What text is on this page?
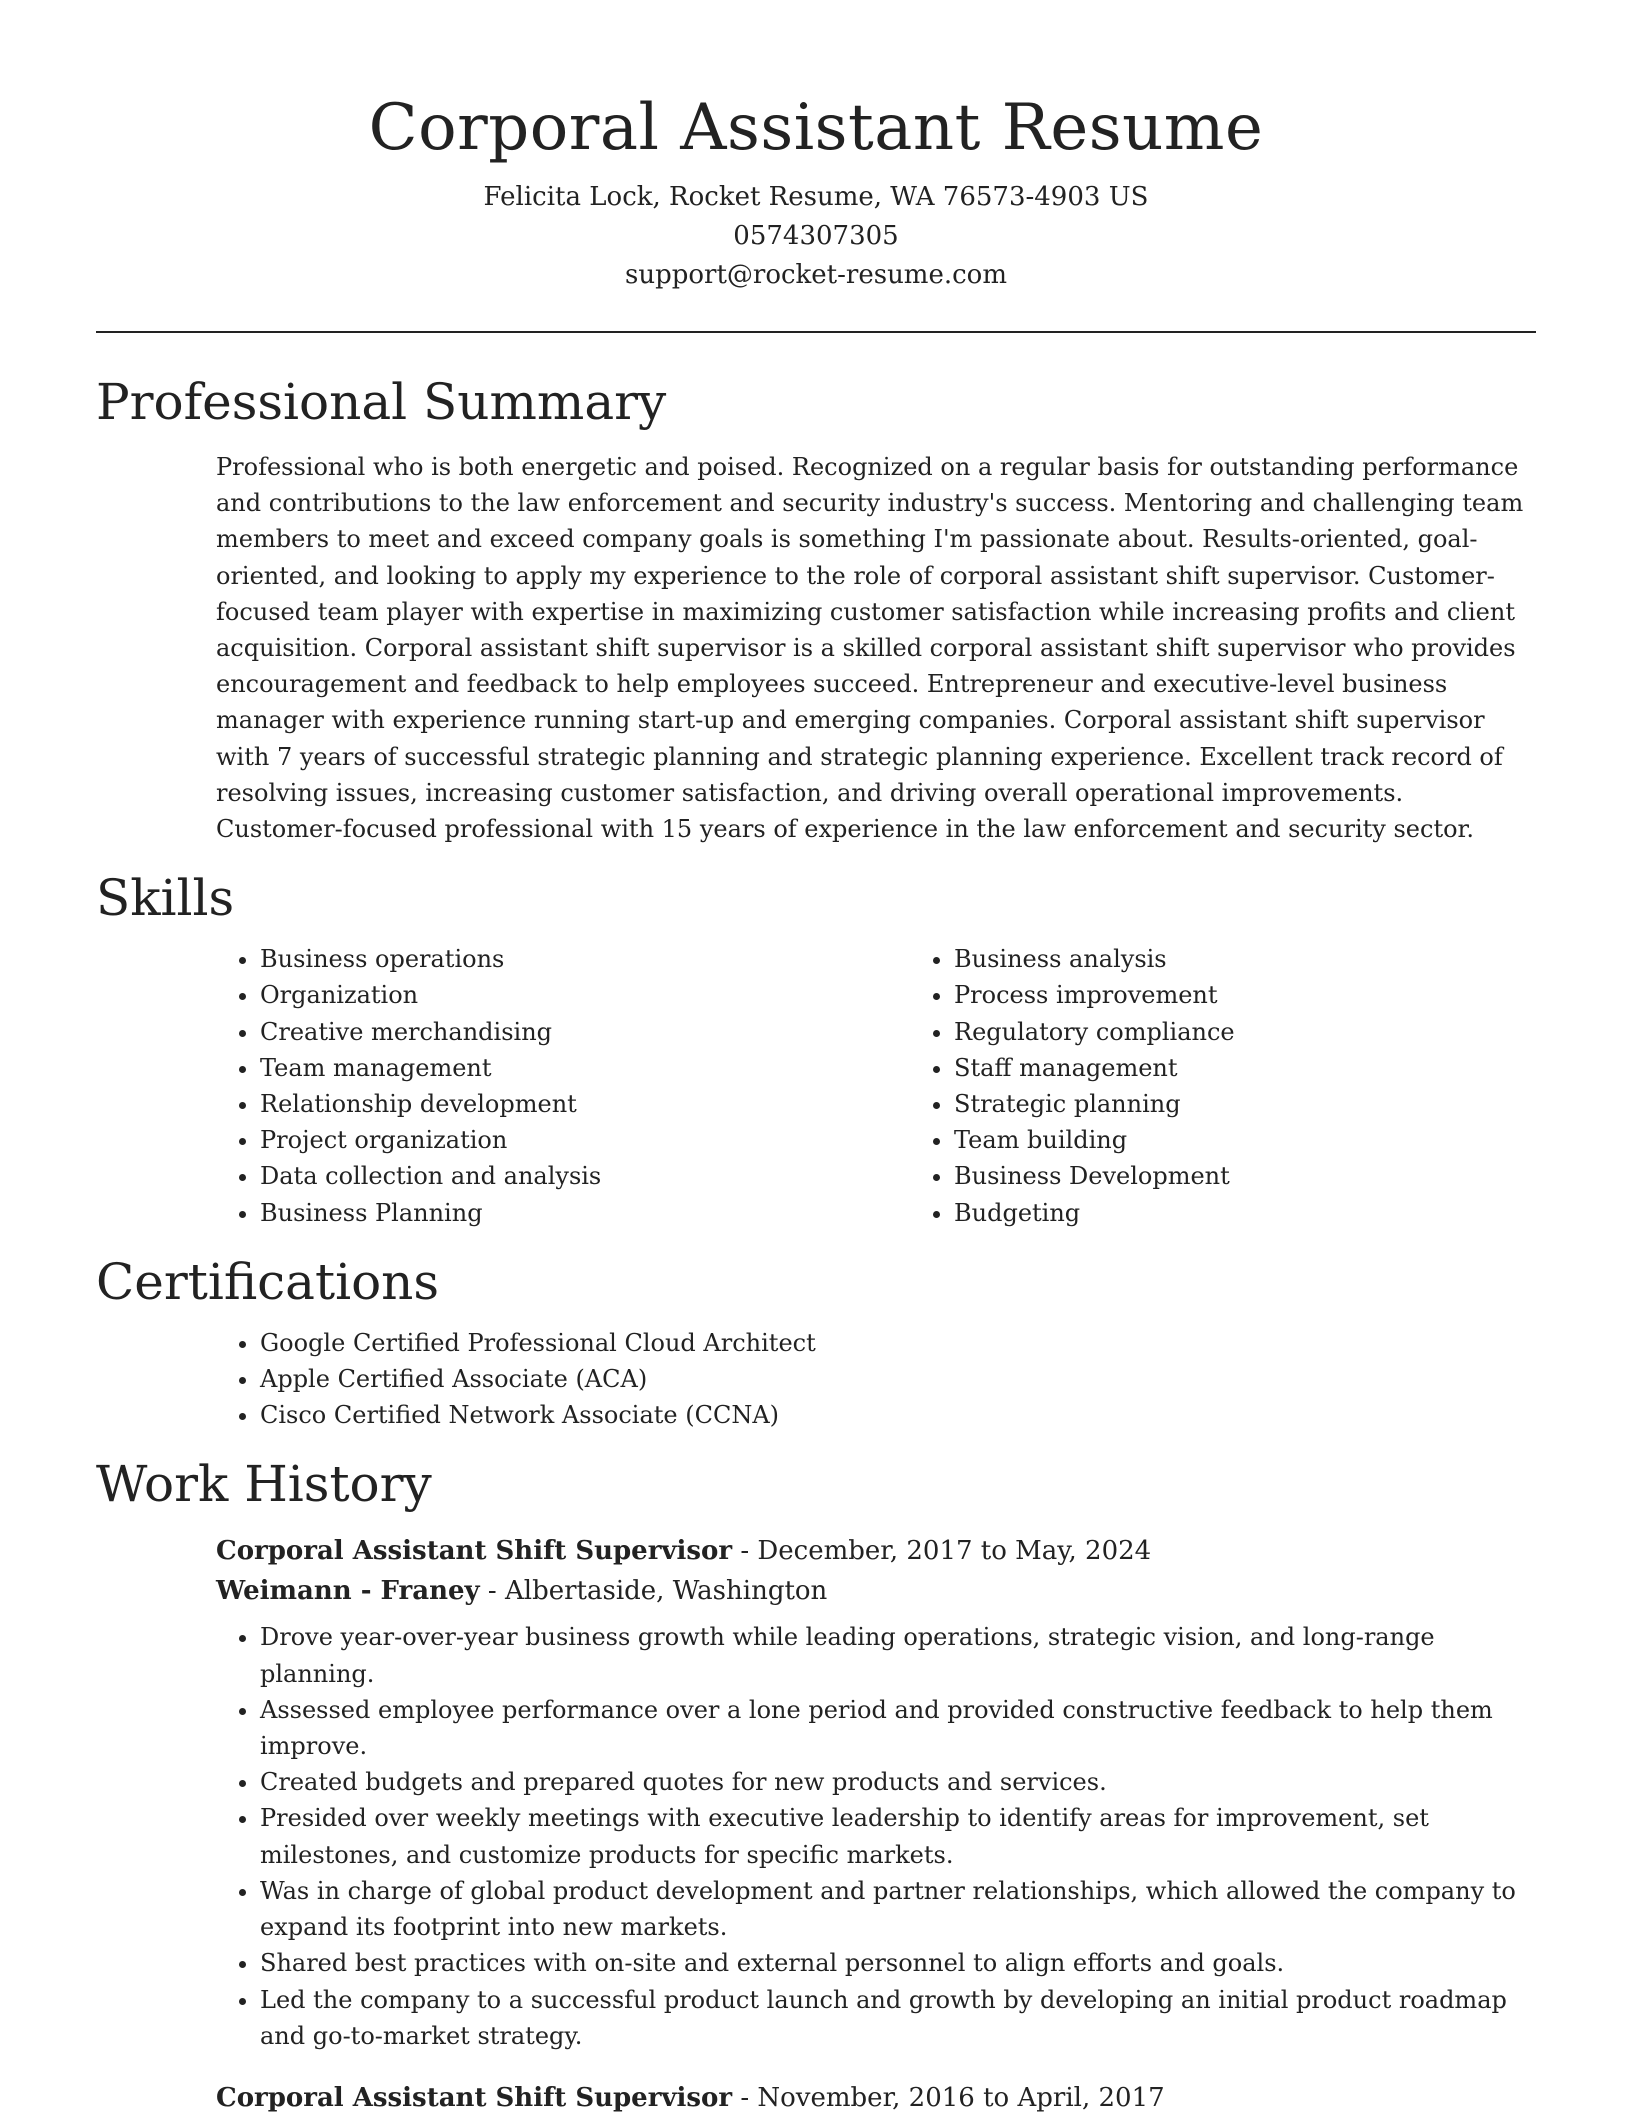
Corporal Assistant Resume
Felicita Lock, Rocket Resume, WA 76573-4903 US
0574307305
support@rocket-resume.com
Professional Summary

Professional who is both energetic and poised. Recognized on a regular basis for outstanding performance and contributions to the law enforcement and security industry's success. Mentoring and challenging team members to meet and exceed company goals is something I'm passionate about. Results-oriented, goal-oriented, and looking to apply my experience to the role of corporal assistant shift supervisor. Customer-focused team player with expertise in maximizing customer satisfaction while increasing profits and client acquisition. Corporal assistant shift supervisor is a skilled corporal assistant shift supervisor who provides encouragement and feedback to help employees succeed. Entrepreneur and executive-level business manager with experience running start-up and emerging companies. Corporal assistant shift supervisor with 7 years of successful strategic planning and strategic planning experience. Excellent track record of resolving issues, increasing customer satisfaction, and driving overall operational improvements. Customer-focused professional with 15 years of experience in the law enforcement and security sector.

Skills
• Business operations
• Organization
• Creative merchandising
• Team management
• Relationship development
• Project organization
• Data collection and analysis
• Business Planning
• Business analysis
• Process improvement
• Regulatory compliance
• Staff management
• Strategic planning
• Team building
• Business Development
• Budgeting
Certifications
• Google Certified Professional Cloud Architect
• Apple Certified Associate (ACA)
• Cisco Certified Network Associate (CCNA)
Work History
Corporal Assistant Shift Supervisor - December, 2017 to May, 2024
Weimann - Franey - Albertaside, Washington
• Drove year-over-year business growth while leading operations, strategic vision, and long-range planning.
• Assessed employee performance over a lone period and provided constructive feedback to help them improve.
• Created budgets and prepared quotes for new products and services.
• Presided over weekly meetings with executive leadership to identify areas for improvement, set milestones, and customize products for specific markets.
• Was in charge of global product development and partner relationships, which allowed the company to expand its footprint into new markets.
• Shared best practices with on-site and external personnel to align efforts and goals.
• Led the company to a successful product launch and growth by developing an initial product roadmap and go-to-market strategy.
Corporal Assistant Shift Supervisor - November, 2016 to April, 2017
